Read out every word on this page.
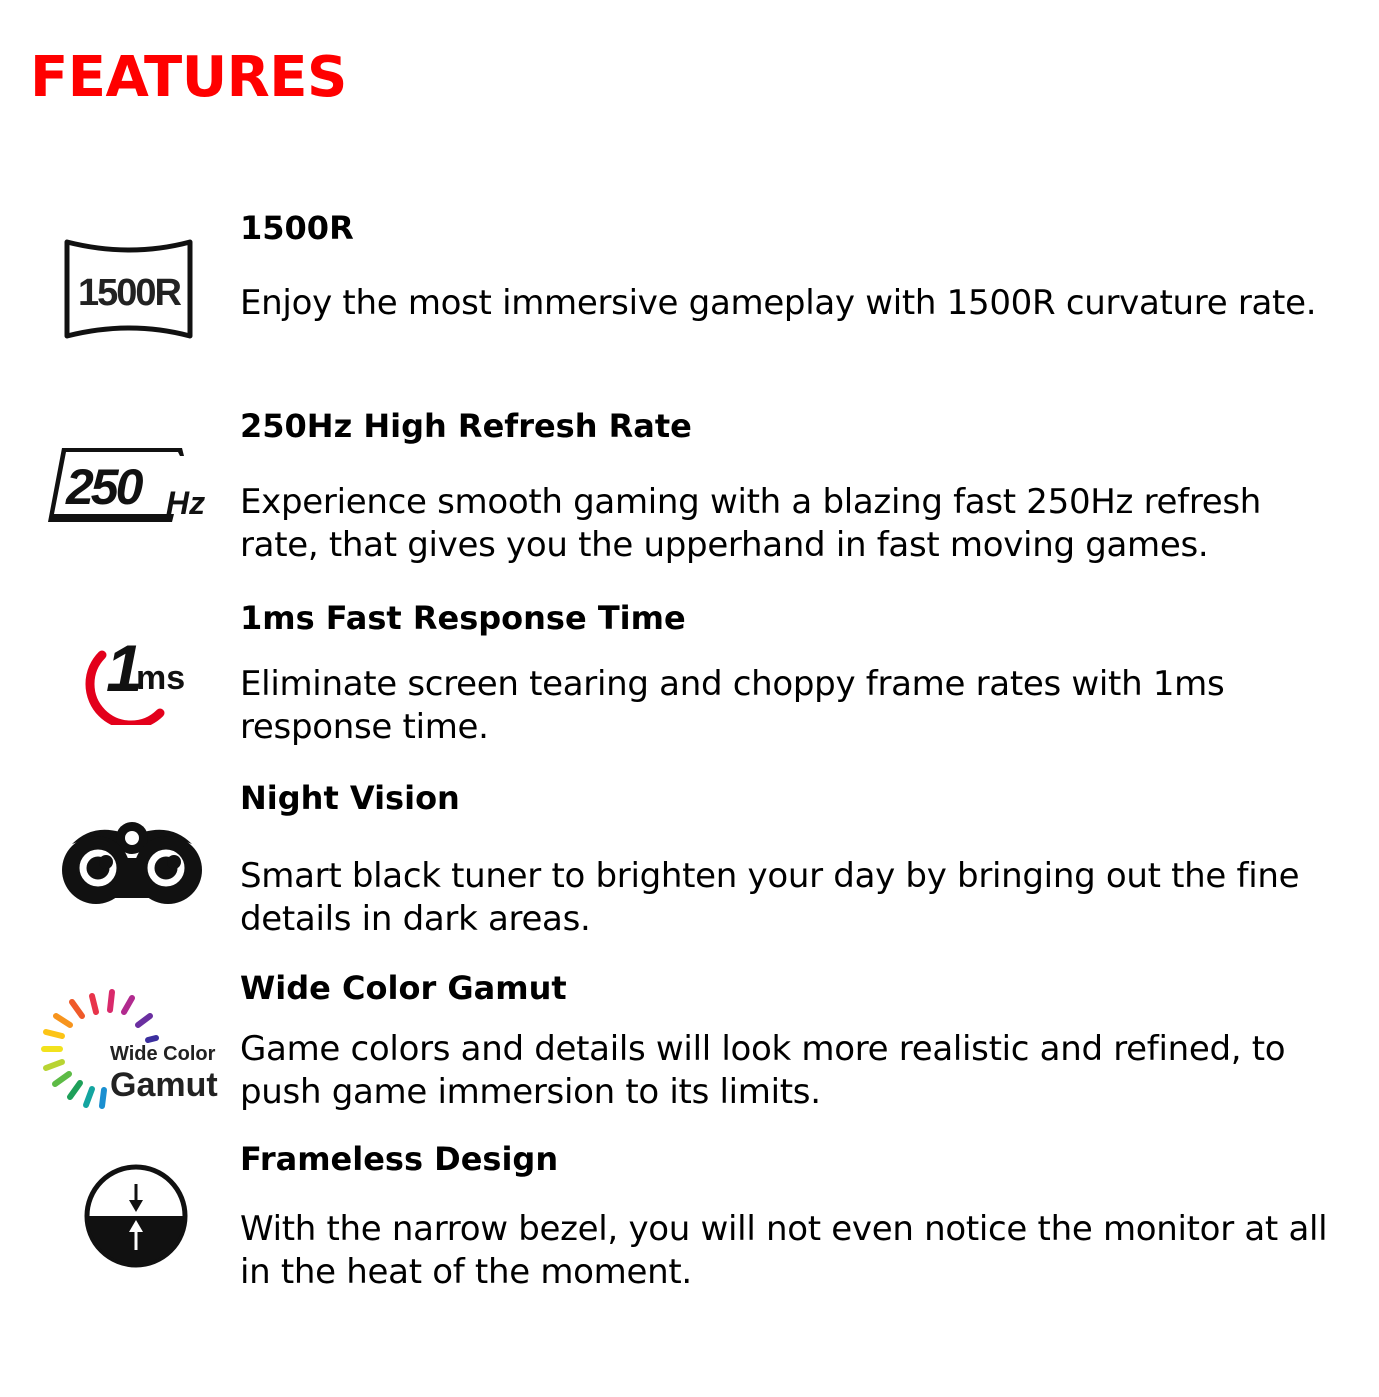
FEATURES
1500R
1500R

Enjoy the most immersive gameplay with 1500R curvature rate.

250 Hz
250Hz High Refresh Rate

Experience smooth gaming with a blazing fast 250Hz refresh rate, that gives you the upperhand in fast moving games.

1
ms
1ms Fast Response Time

Eliminate screen tearing and choppy frame rates with 1ms response time.

Night Vision

Smart black tuner to brighten your day by bringing out the fine details in dark areas.

Wide Color
Gamut
Wide Color Gamut

Game colors and details will look more realistic and refined, to push game immersion to its limits.

Frameless Design

With the narrow bezel, you will not even notice the monitor at all in the heat of the moment.
